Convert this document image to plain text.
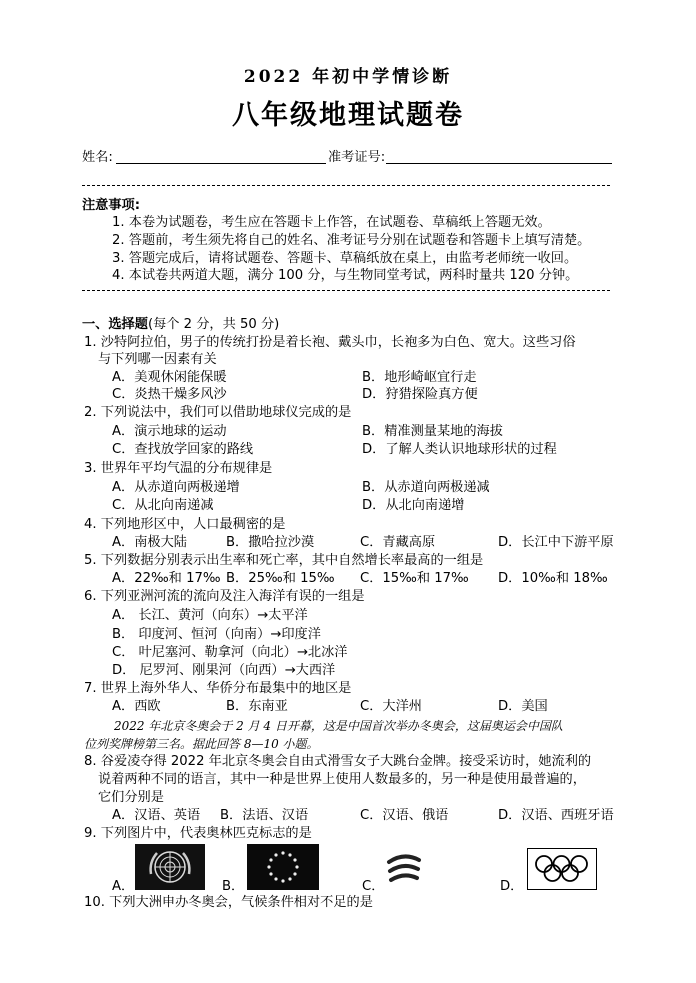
2022 年初中学情诊断
八年级地理试题卷
姓名:	准考证号:
注意事项:
1. 本卷为试题卷，考生应在答题卡上作答，在试题卷、草稿纸上答题无效。
2. 答题前，考生须先将自己的姓名、准考证号分别在试题卷和答题卡上填写清楚。
3. 答题完成后，请将试题卷、答题卡、草稿纸放在桌上，由监考老师统一收回。
4. 本试卷共两道大题，满分 100 分，与生物同堂考试，两科时量共 120 分钟。
一、选择题(每个 2 分，共 50 分)
1. 沙特阿拉伯，男子的传统打扮是着长袍、戴头巾，长袍多为白色、宽大。这些习俗
与下列哪一因素有关
A．美观休闲能保暖	B．地形崎岖宜行走
C．炎热干燥多风沙	D．狩猎探险真方便
2. 下列说法中，我们可以借助地球仪完成的是
A．演示地球的运动	B．精准测量某地的海拔
C．查找放学回家的路线	D．了解人类认识地球形状的过程
3. 世界年平均气温的分布规律是
A．从赤道向两极递增	B．从赤道向两极递减
C．从北向南递减	D．从北向南递增
4. 下列地形区中，人口最稠密的是
A．南极大陆	B．撒哈拉沙漠	C．青藏高原	D．长江中下游平原
5. 下列数据分别表示出生率和死亡率，其中自然增长率最高的一组是
A．22‰和 17‰ B．25‰和 15‰ C．15‰和 17‰ D．10‰和 18‰
6. 下列亚洲河流的流向及注入海洋有误的一组是
A． 长江、黄河（向东）→太平洋
B． 印度河、恒河（向南）→印度洋
C． 叶尼塞河、勒拿河（向北）→北冰洋
D． 尼罗河、刚果河（向西）→大西洋
7. 世界上海外华人、华侨分布最集中的地区是
A．西欧	B．东南亚	C．大洋州	D．美国
2022 年北京冬奥会于 2 月 4 日开幕，这是中国首次举办冬奥会，这届奥运会中国队
位列奖牌榜第三名。据此回答 8—10 小题。
8. 谷爱凌夺得 2022 年北京冬奥会自由式滑雪女子大跳台金牌。接受采访时，她流利的
说着两种不同的语言，其中一种是世界上使用人数最多的，另一种是使用最普遍的，
它们分别是
A．汉语、英语 B．法语、汉语	C．汉语、俄语	D．汉语、西班牙语
9. 下列图片中，代表奥林匹克标志的是
A．	B．	C．	D．
10. 下列大洲申办冬奥会，气候条件相对不足的是
